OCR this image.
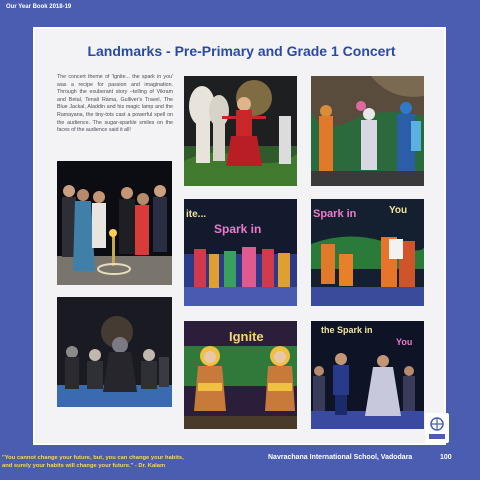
Our Year Book 2018-19
Landmarks - Pre-Primary and Grade 1 Concert
The concert theme of 'Ignite... the spark in you' was a recipe for passion and imagination. Through the exuberant story –telling of Vikram and Betal, Tenali Rama, Gulliver's Travel, The Blue Jackal, Aladdin and his magic lamp and the Ramayana, the tiny-tots cast a powerful spell on the audience. The sugar-sparkle smiles on the faces of the audience said it all!
ite...
Spark in
Spark in	You
Ignite	the Spark in
You
"You cannot change your future, but, you can change your habits,
and surely your habits will change your future." - Dr. Kalam
Navrachana International School, Vadodara	100
